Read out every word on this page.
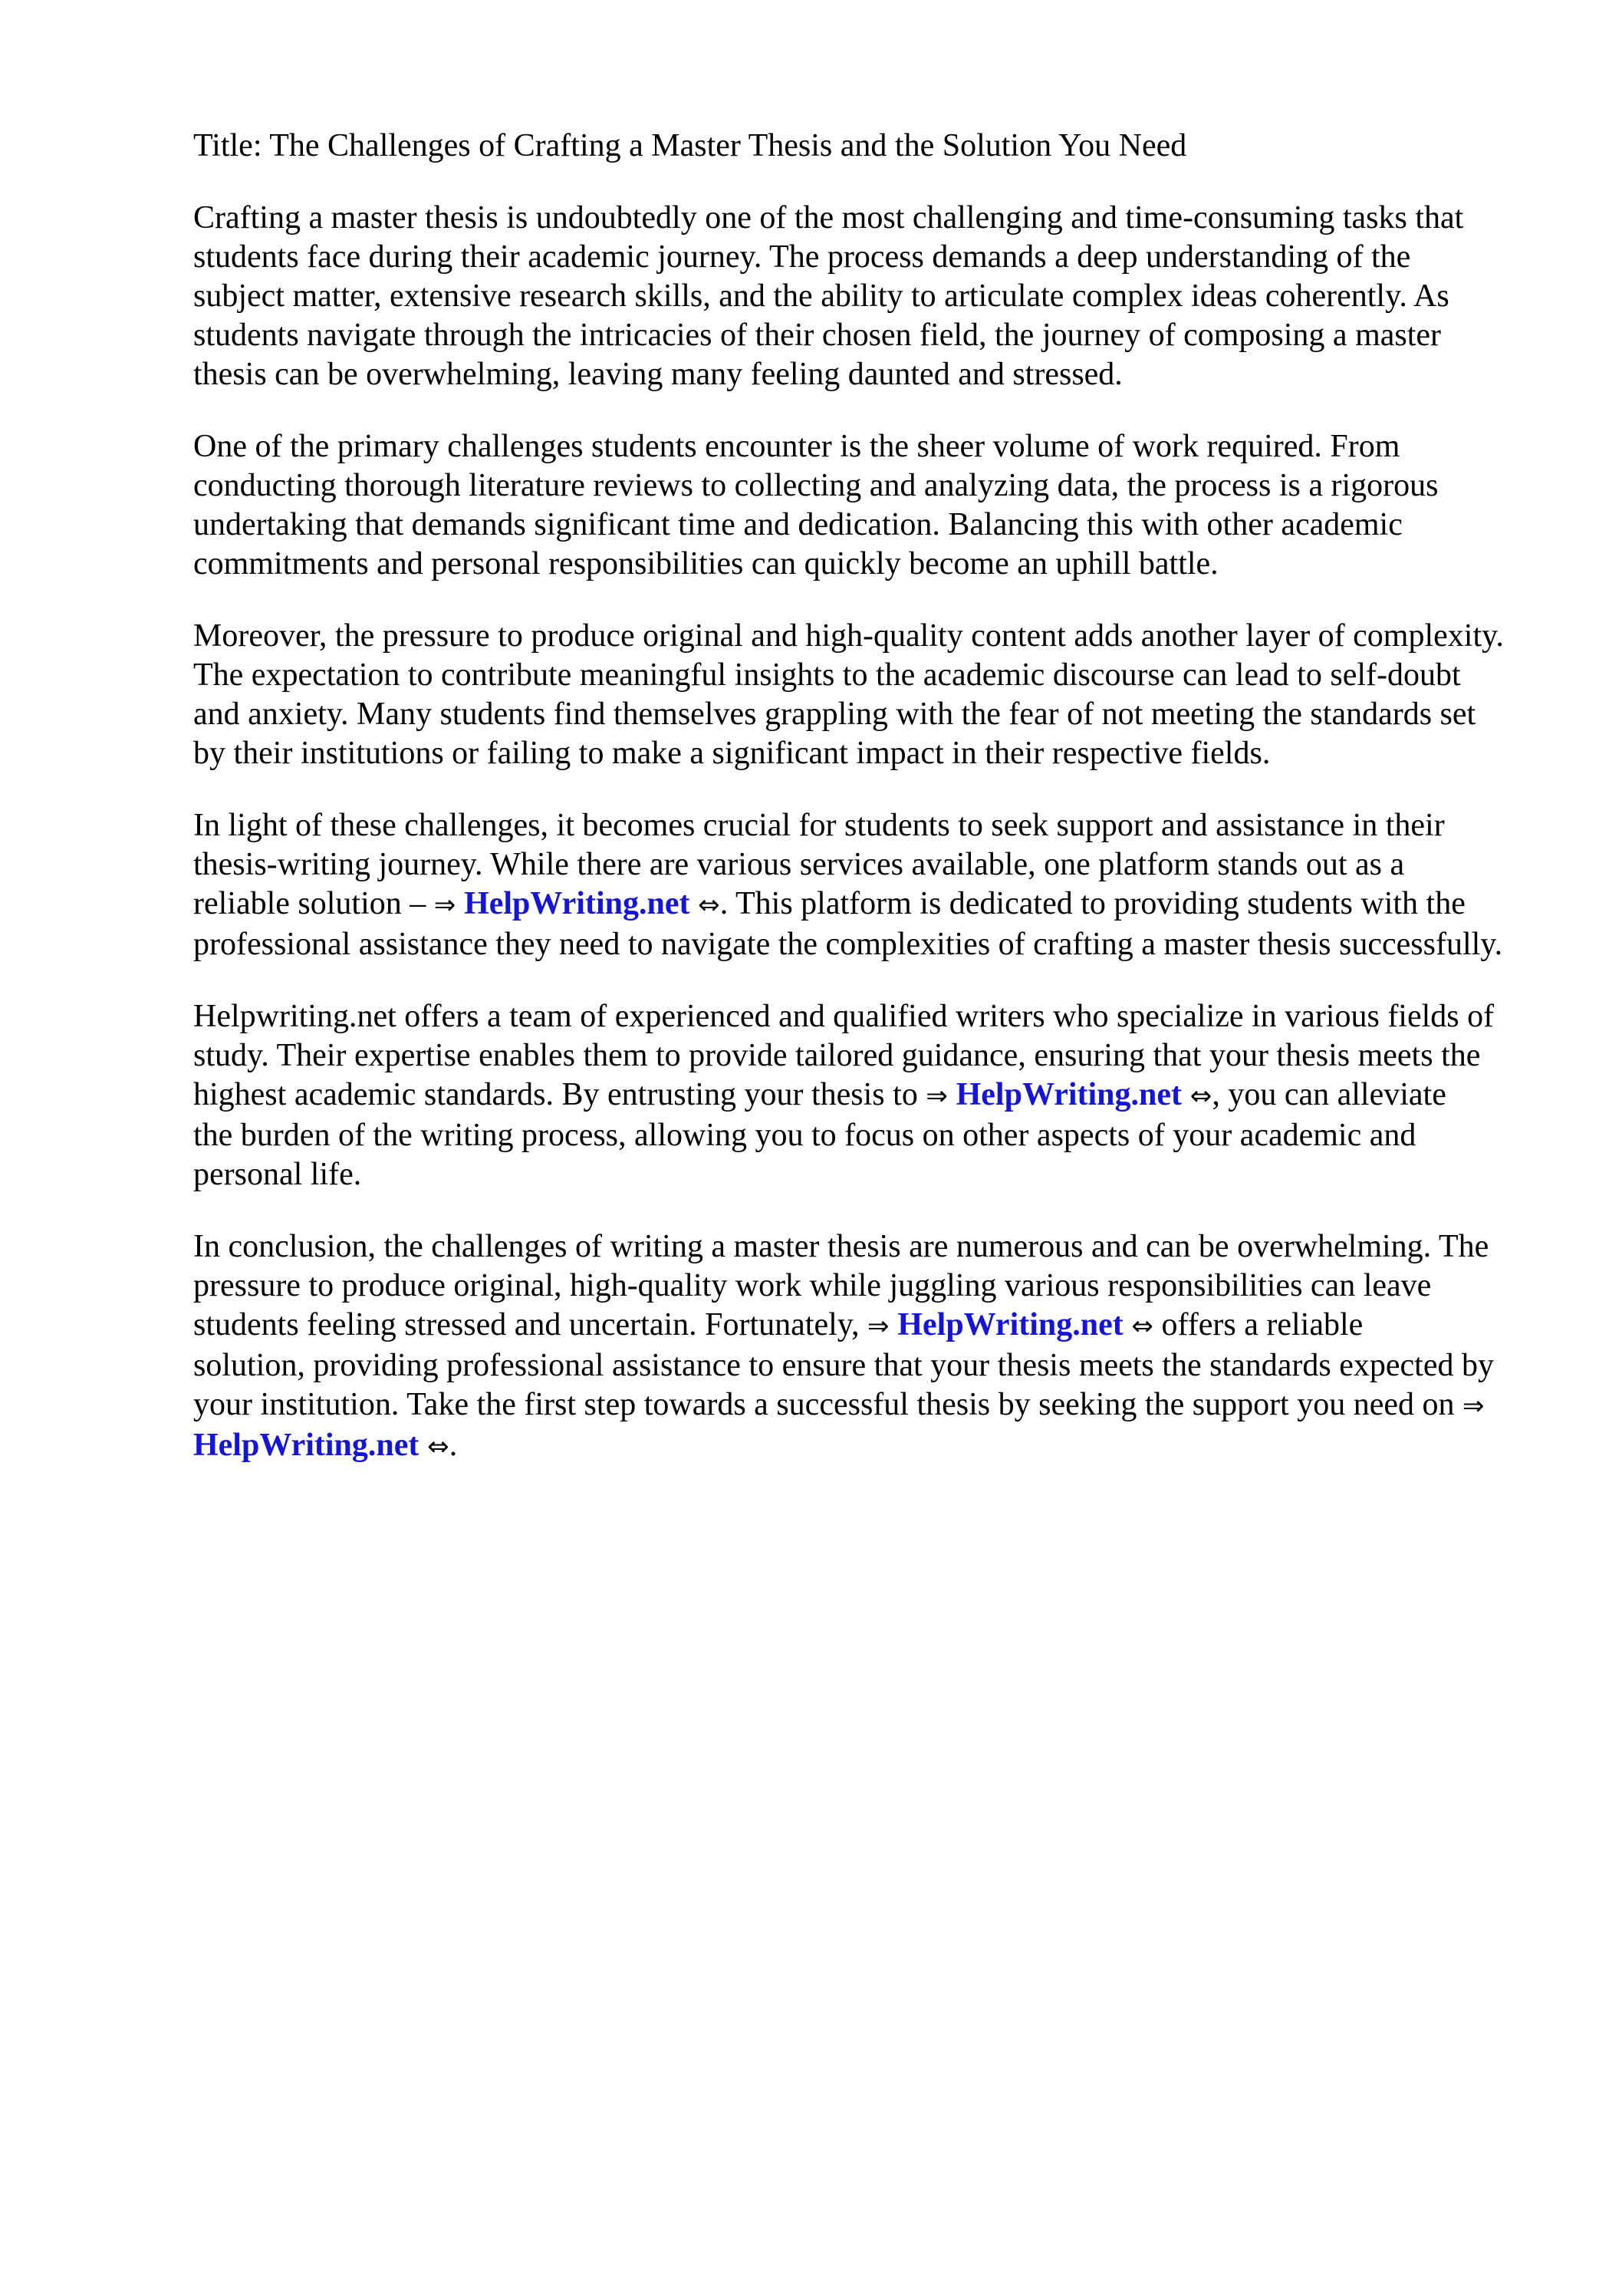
Title: The Challenges of Crafting a Master Thesis and the Solution You Need
Crafting a master thesis is undoubtedly one of the most challenging and time-consuming tasks that
students face during their academic journey. The process demands a deep understanding of the
subject matter, extensive research skills, and the ability to articulate complex ideas coherently. As
students navigate through the intricacies of their chosen field, the journey of composing a master
thesis can be overwhelming, leaving many feeling daunted and stressed.
One of the primary challenges students encounter is the sheer volume of work required. From
conducting thorough literature reviews to collecting and analyzing data, the process is a rigorous
undertaking that demands significant time and dedication. Balancing this with other academic
commitments and personal responsibilities can quickly become an uphill battle.
Moreover, the pressure to produce original and high-quality content adds another layer of complexity.
The expectation to contribute meaningful insights to the academic discourse can lead to self-doubt
and anxiety. Many students find themselves grappling with the fear of not meeting the standards set
by their institutions or failing to make a significant impact in their respective fields.
In light of these challenges, it becomes crucial for students to seek support and assistance in their
thesis-writing journey. While there are various services available, one platform stands out as a
reliable solution – ⇒ HelpWriting.net ⇔. This platform is dedicated to providing students with the
professional assistance they need to navigate the complexities of crafting a master thesis successfully.
Helpwriting.net offers a team of experienced and qualified writers who specialize in various fields of
study. Their expertise enables them to provide tailored guidance, ensuring that your thesis meets the
highest academic standards. By entrusting your thesis to ⇒ HelpWriting.net ⇔, you can alleviate
the burden of the writing process, allowing you to focus on other aspects of your academic and
personal life.
In conclusion, the challenges of writing a master thesis are numerous and can be overwhelming. The
pressure to produce original, high-quality work while juggling various responsibilities can leave
students feeling stressed and uncertain. Fortunately, ⇒ HelpWriting.net ⇔ offers a reliable
solution, providing professional assistance to ensure that your thesis meets the standards expected by
your institution. Take the first step towards a successful thesis by seeking the support you need on ⇒
HelpWriting.net ⇔.
